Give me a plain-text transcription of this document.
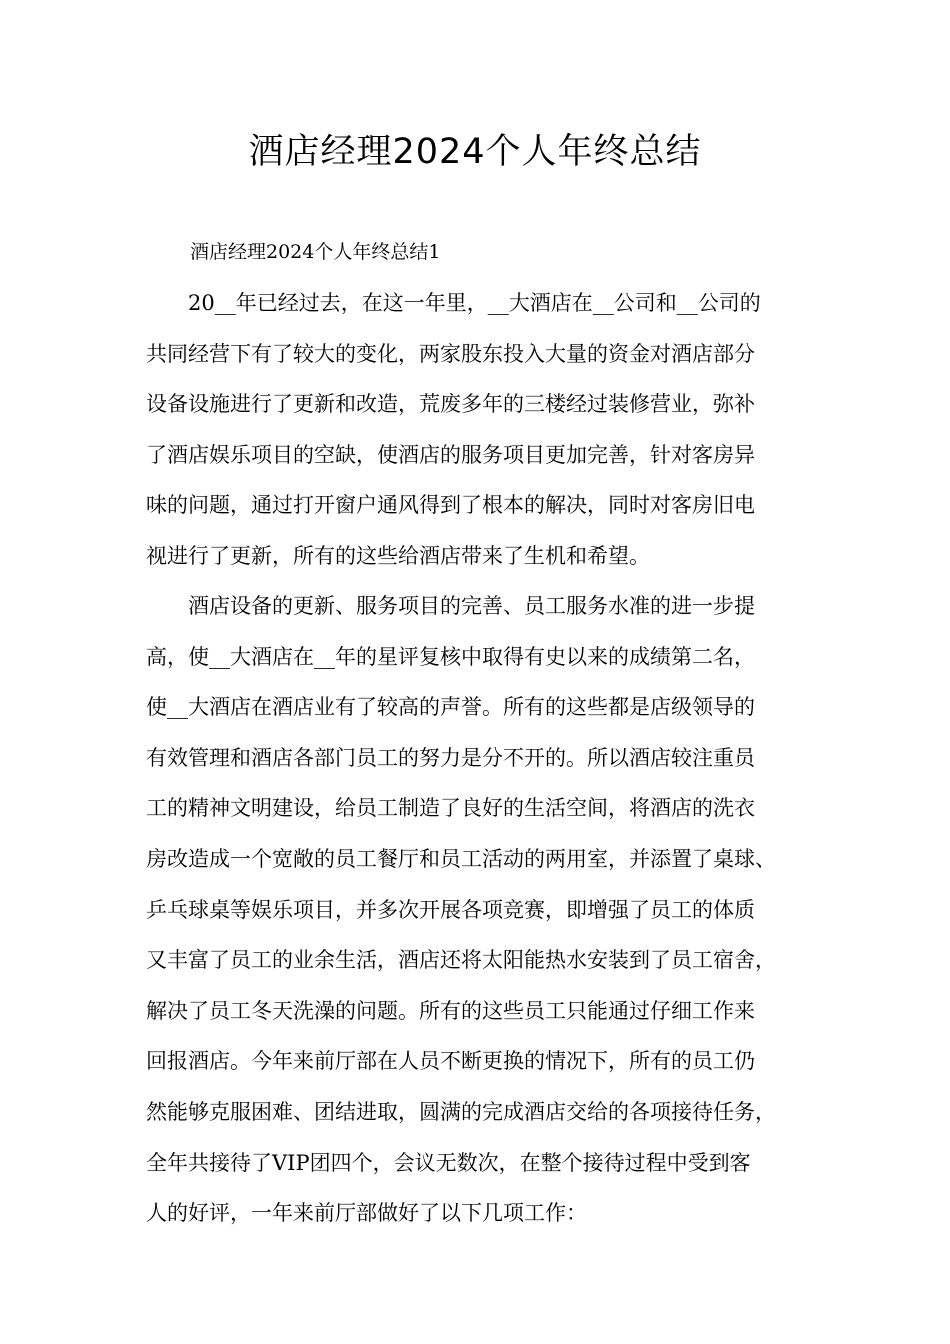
酒店经理2024个人年终总结
酒店经理2024个人年终总结1
　　20__年已经过去，在这一年里，__大酒店在__公司和__公司的
共同经营下有了较大的变化，两家股东投入大量的资金对酒店部分
设备设施进行了更新和改造，荒废多年的三楼经过装修营业，弥补
了酒店娱乐项目的空缺，使酒店的服务项目更加完善，针对客房异
味的问题，通过打开窗户通风得到了根本的解决，同时对客房旧电
视进行了更新，所有的这些给酒店带来了生机和希望。
　　酒店设备的更新、服务项目的完善、员工服务水准的进一步提
高，使__大酒店在__年的星评复核中取得有史以来的成绩第二名，
使__大酒店在酒店业有了较高的声誉。所有的这些都是店级领导的
有效管理和酒店各部门员工的努力是分不开的。所以酒店较注重员
工的精神文明建设，给员工制造了良好的生活空间，将酒店的洗衣
房改造成一个宽敞的员工餐厅和员工活动的两用室，并添置了桌球、
乒乓球桌等娱乐项目，并多次开展各项竞赛，即增强了员工的体质
又丰富了员工的业余生活，酒店还将太阳能热水安装到了员工宿舍，
解决了员工冬天洗澡的问题。所有的这些员工只能通过仔细工作来
回报酒店。今年来前厅部在人员不断更换的情况下，所有的员工仍
然能够克服困难、团结进取，圆满的完成酒店交给的各项接待任务，
全年共接待了VIP团四个，会议无数次，在整个接待过程中受到客
人的好评，一年来前厅部做好了以下几项工作：
